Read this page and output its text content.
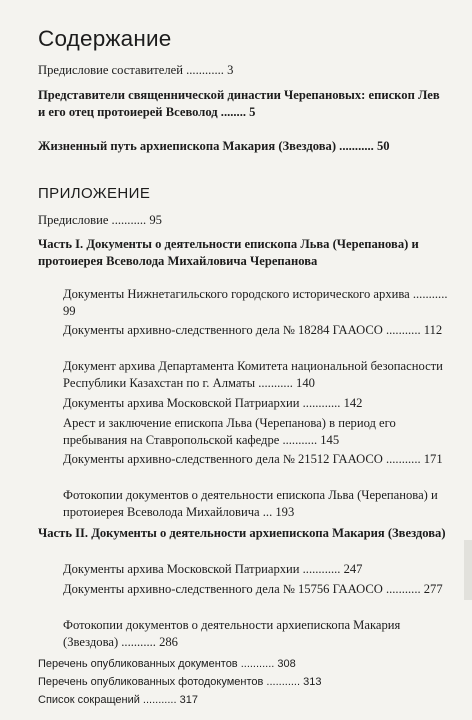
Содержание
Предисловие составителей ............ 3
Представители священнической династии Черепановых: епископ Лев и его отец протоиерей Всеволод ........ 5
Жизненный путь архиепископа Макария (Звездова) ........... 50
ПРИЛОЖЕНИЕ
Предисловие ........... 95
Часть I. Документы о деятельности епископа Льва (Черепанова) и протоиерея Всеволода Михайловича Черепанова
Документы Нижнетагильского городского исторического архива ........... 99
Документы архивно-следственного дела № 18284 ГААОСО ........... 112
Документ архива Департамента Комитета национальной безопасности Республики Казахстан по г. Алматы ........... 140
Документы архива Московской Патриархии ............ 142
Арест и заключение епископа Льва (Черепанова) в период его пребывания на Ставропольской кафедре ........... 145
Документы архивно-следственного дела № 21512 ГААОСО ........... 171
Фотокопии документов о деятельности епископа Льва (Черепанова) и протоиерея Всеволода Михайловича ... 193
Часть II. Документы о деятельности архиепископа Макария (Звездова)
Документы архива Московской Патриархии ............ 247
Документы архивно-следственного дела № 15756 ГААОСО ........... 277
Фотокопии документов о деятельности архиепископа Макария (Звездова) ........... 286
Перечень опубликованных документов ........... 308
Перечень опубликованных фотодокументов ........... 313
Список сокращений ........... 317
